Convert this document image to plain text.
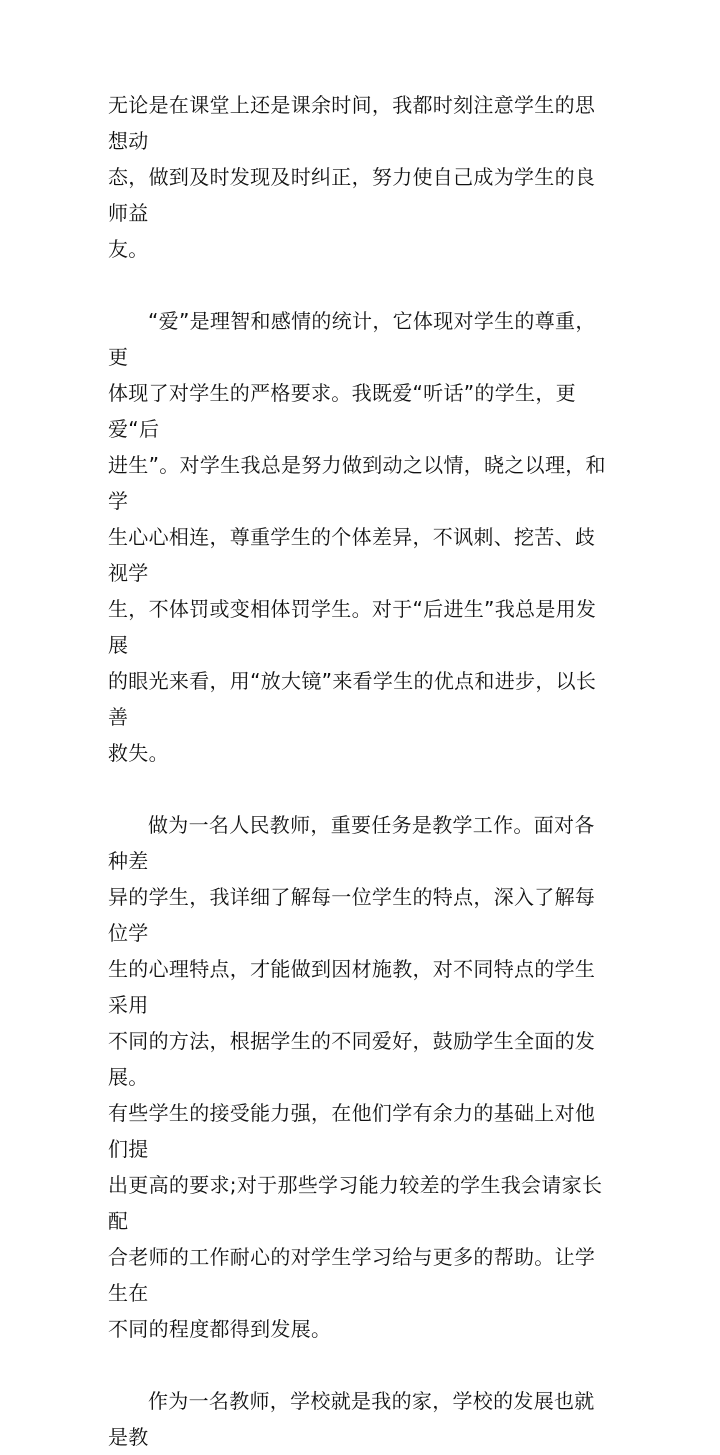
无论是在课堂上还是课余时间，我都时刻注意学生的思想动
态，做到及时发现及时纠正，努力使自己成为学生的良师益
友。
“爱”是理智和感情的统计，它体现对学生的尊重，更
体现了对学生的严格要求。我既爱“听话”的学生，更爱“后
进生”。对学生我总是努力做到动之以情，晓之以理，和学
生心心相连，尊重学生的个体差异，不讽刺、挖苦、歧视学
生，不体罚或变相体罚学生。对于“后进生”我总是用发展
的眼光来看，用“放大镜”来看学生的优点和进步，以长善
救失。
做为一名人民教师，重要任务是教学工作。面对各种差
异的学生，我详细了解每一位学生的特点，深入了解每位学
生的心理特点，才能做到因材施教，对不同特点的学生采用
不同的方法，根据学生的不同爱好，鼓励学生全面的发展。
有些学生的接受能力强，在他们学有余力的基础上对他们提
出更高的要求;对于那些学习能力较差的学生我会请家长配
合老师的工作耐心的对学生学习给与更多的帮助。让学生在
不同的程度都得到发展。
作为一名教师，学校就是我的家，学校的发展也就是教
